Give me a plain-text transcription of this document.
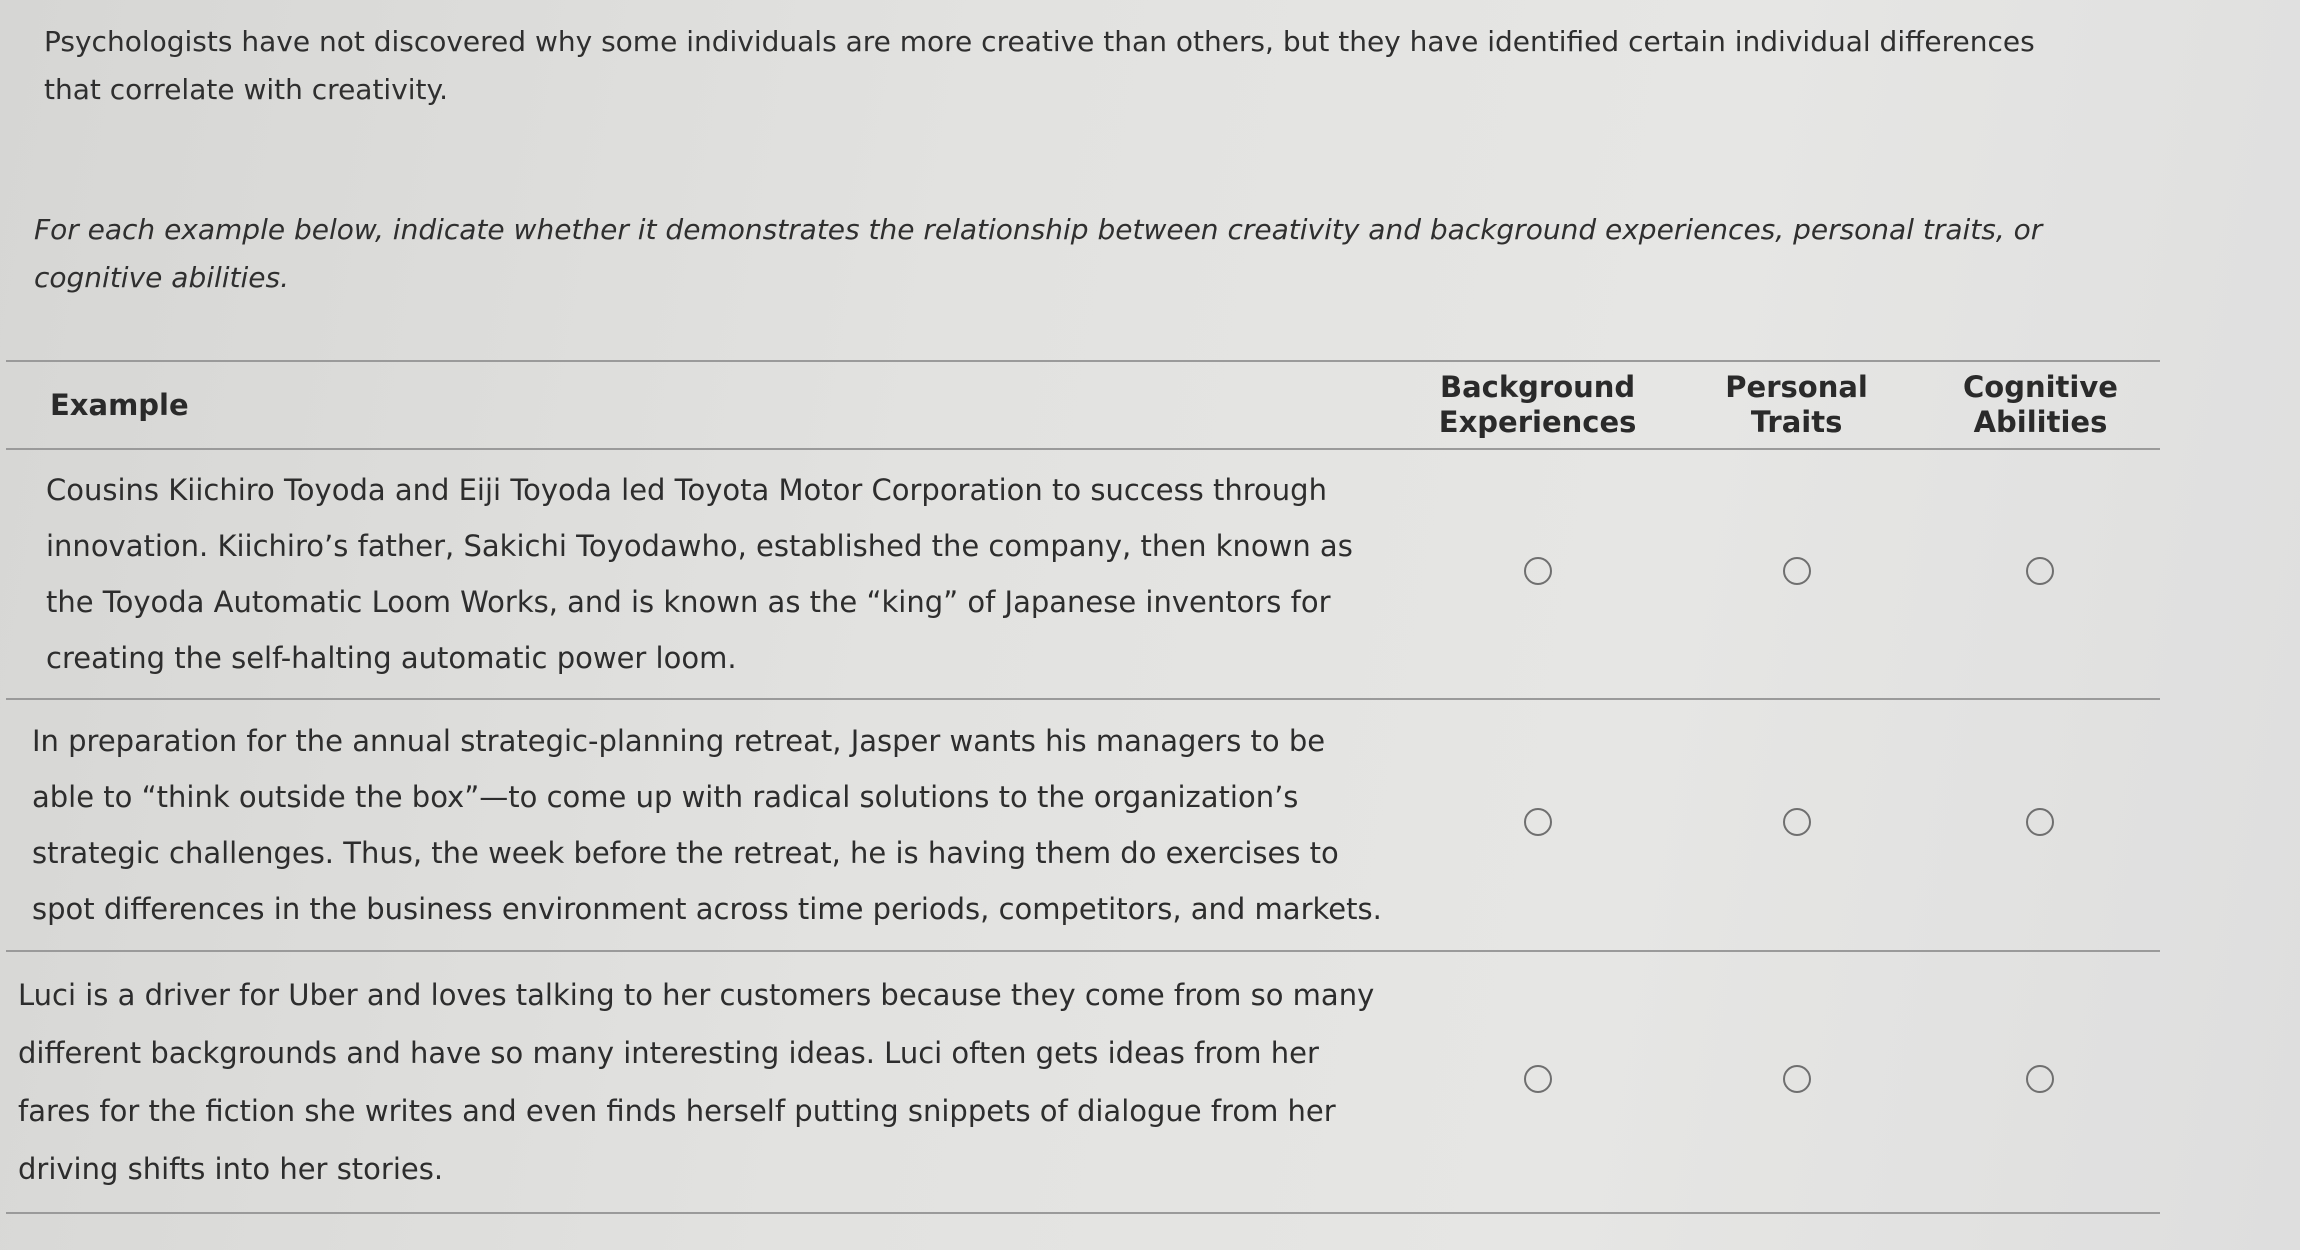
Psychologists have not discovered why some individuals are more creative than others, but they have identified certain individual differences that correlate with creativity.

For each example below, indicate whether it demonstrates the relationship between creativity and background experiences, personal traits, or cognitive abilities.

Example	Background Experiences	Personal Traits	Cognitive Abilities
Cousins Kiichiro Toyoda and Eiji Toyoda led Toyota Motor Corporation to success through innovation. Kiichiro’s father, Sakichi Toyodawho, established the company, then known as the Toyoda Automatic Loom Works, and is known as the “king” of Japanese inventors for creating the self-halting automatic power loom.			
In preparation for the annual strategic-planning retreat, Jasper wants his managers to be able to “think outside the box”—to come up with radical solutions to the organization’s strategic challenges. Thus, the week before the retreat, he is having them do exercises to spot differences in the business environment across time periods, competitors, and markets.			
Luci is a driver for Uber and loves talking to her customers because they come from so many different backgrounds and have so many interesting ideas. Luci often gets ideas from her fares for the fiction she writes and even finds herself putting snippets of dialogue from her driving shifts into her stories.			
